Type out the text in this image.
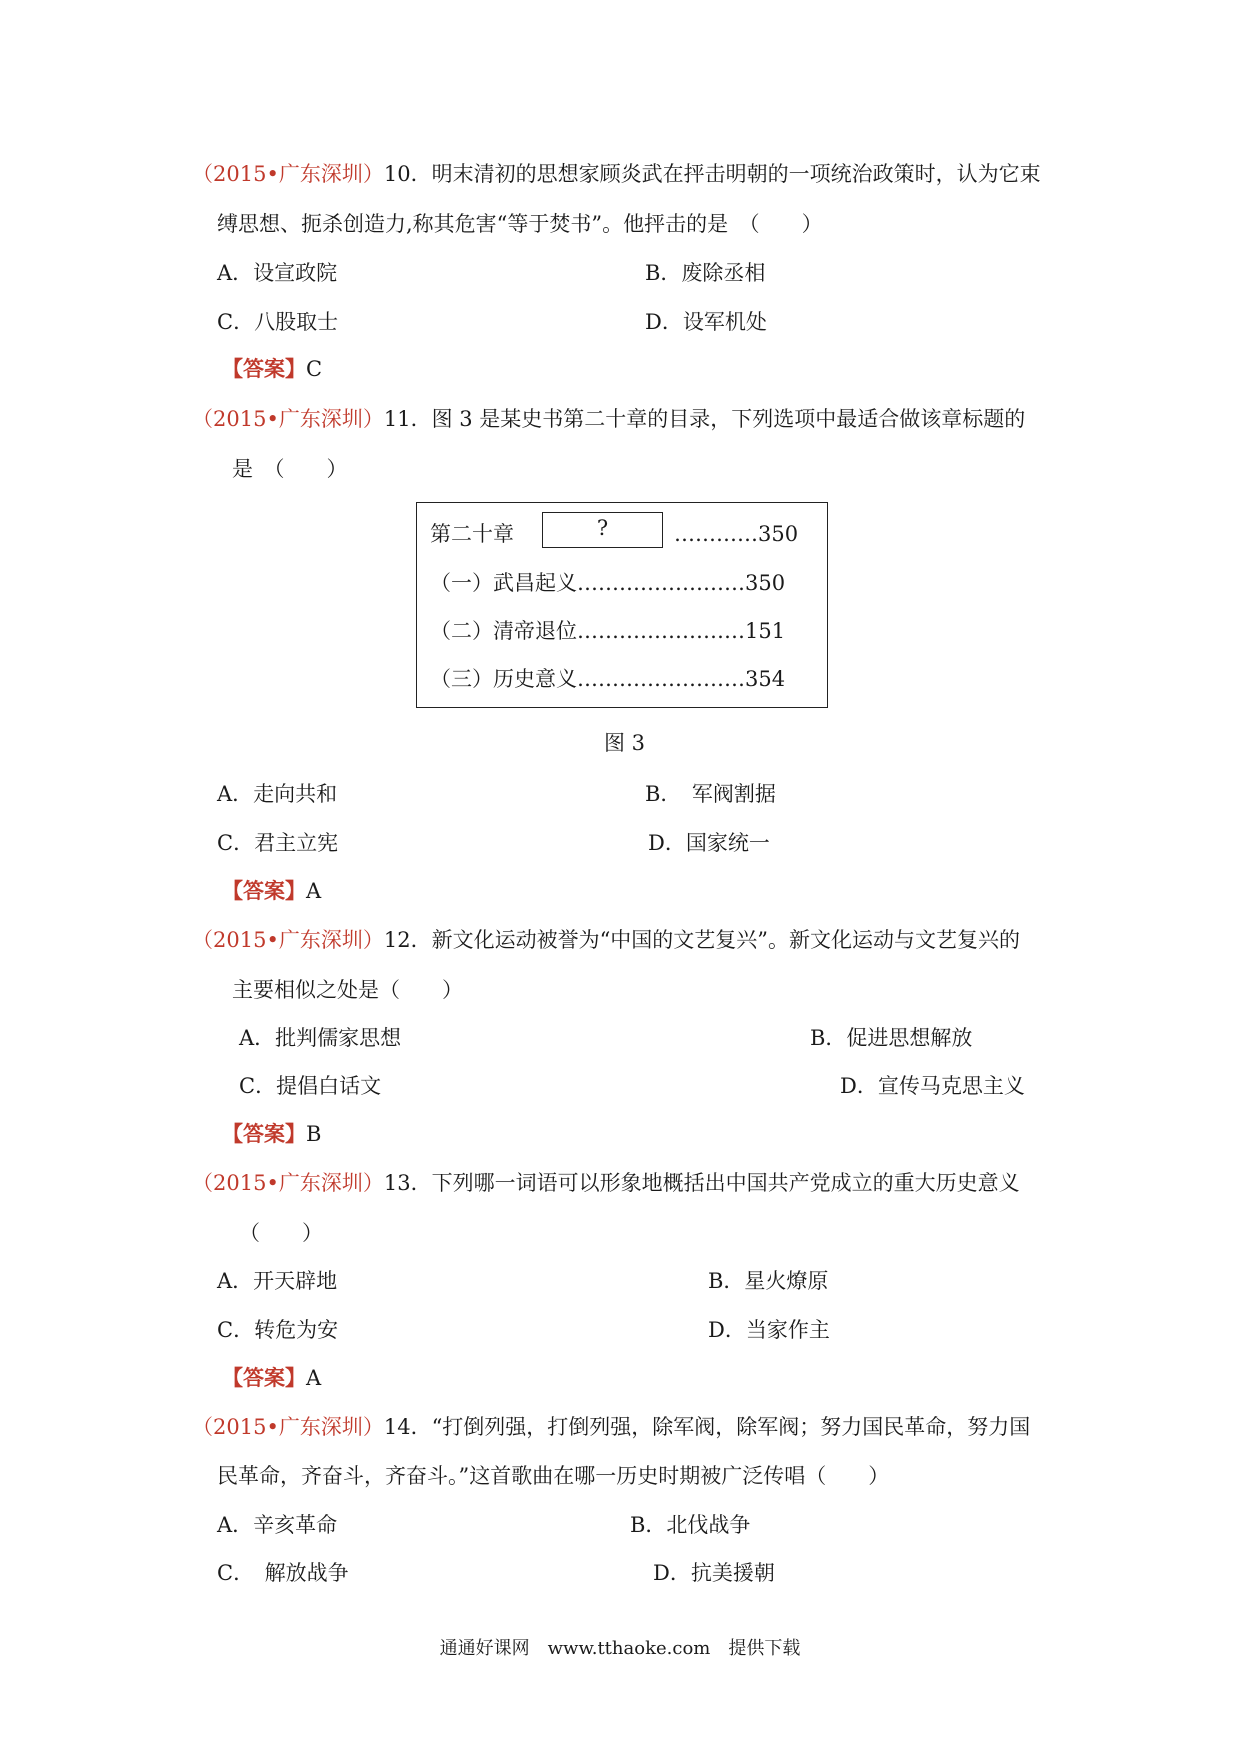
（2015•广东深圳）10．明末清初的思想家顾炎武在抨击明朝的一项统治政策时，认为它束
缚思想、扼杀创造力,称其危害“等于焚书”。他抨击的是　（　　）
A．设宣政院	B．废除丞相
C．八股取士	D．设军机处
【答案】C
（2015•广东深圳）11．图 3 是某史书第二十章的目录，下列选项中最适合做该章标题的
是　（　　）
第二十章	?	…………350
（一）武昌起义……………………350
（二）清帝退位……………………151
（三）历史意义……………………354
图 3
A．走向共和	B．　军阀割据
C．君主立宪	D．国家统一
【答案】A
（2015•广东深圳）12．新文化运动被誉为“中国的文艺复兴”。新文化运动与文艺复兴的
主要相似之处是（　　）
A．批判儒家思想	B．促进思想解放
C．提倡白话文	D．宣传马克思主义
【答案】B
（2015•广东深圳）13．下列哪一词语可以形象地概括出中国共产党成立的重大历史意义
（　　）
A．开天辟地	B．星火燎原
C．转危为安	D．当家作主
【答案】A
（2015•广东深圳）14．“打倒列强，打倒列强，除军阀，除军阀；努力国民革命，努力国
民革命，齐奋斗，齐奋斗。”这首歌曲在哪一历史时期被广泛传唱（　　）
A．辛亥革命	B．北伐战争
C．　解放战争	D．抗美援朝
通通好课网　www.tthaoke.com　提供下载
